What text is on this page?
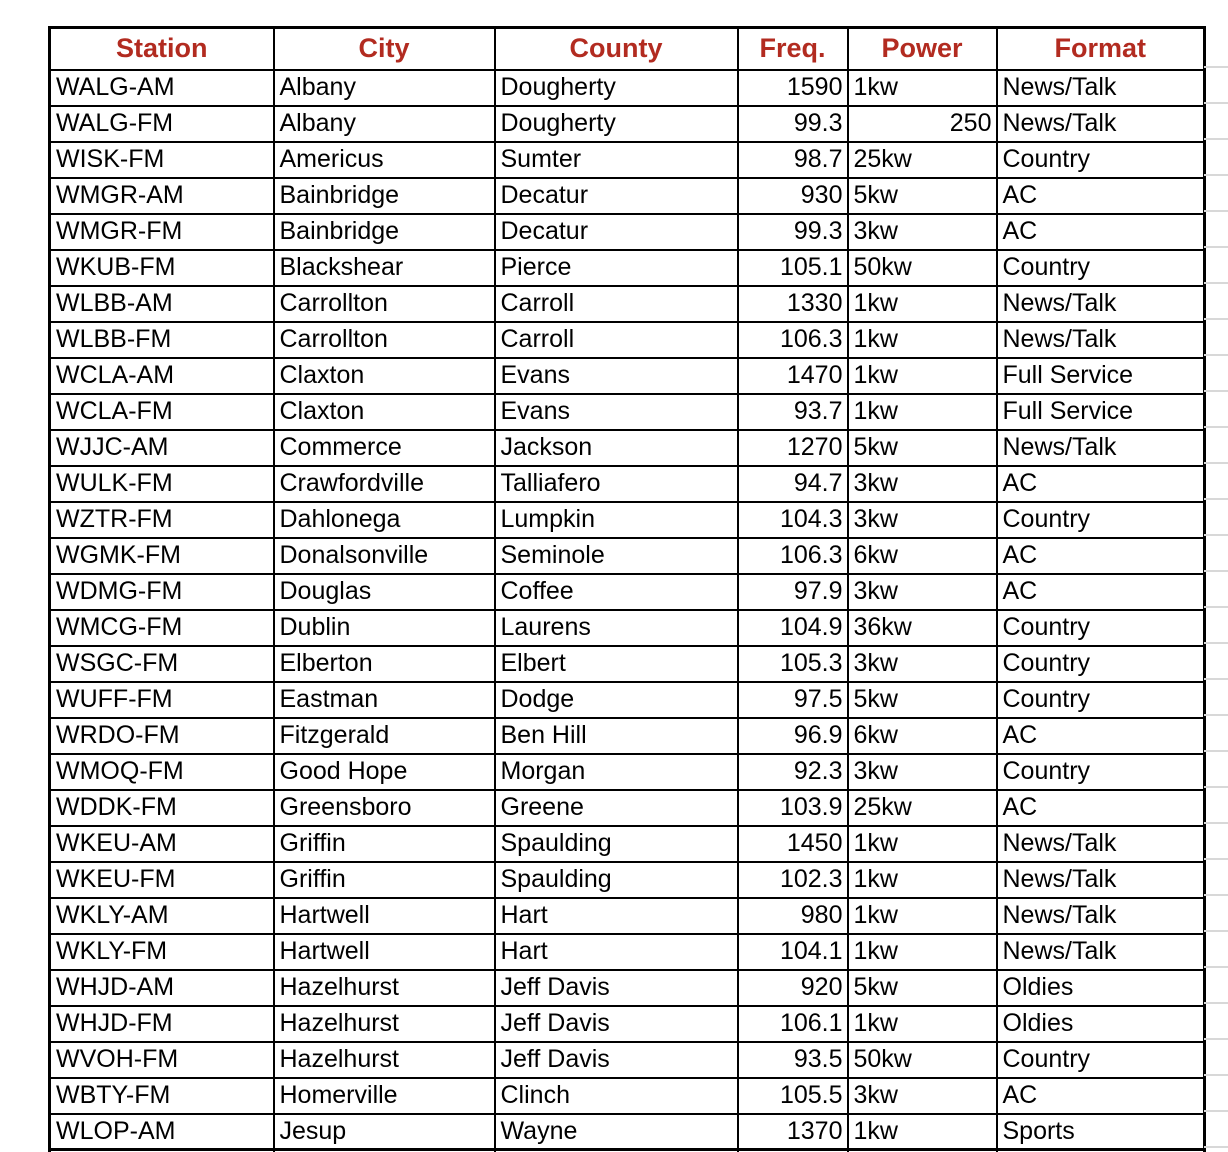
Station	City	County	Freq.	Power	Format
WALG-AM	Albany	Dougherty	1590	1kw	News/Talk
WALG-FM	Albany	Dougherty	99.3	250	News/Talk
WISK-FM	Americus	Sumter	98.7	25kw	Country
WMGR-AM	Bainbridge	Decatur	930	5kw	AC
WMGR-FM	Bainbridge	Decatur	99.3	3kw	AC
WKUB-FM	Blackshear	Pierce	105.1	50kw	Country
WLBB-AM	Carrollton	Carroll	1330	1kw	News/Talk
WLBB-FM	Carrollton	Carroll	106.3	1kw	News/Talk
WCLA-AM	Claxton	Evans	1470	1kw	Full Service
WCLA-FM	Claxton	Evans	93.7	1kw	Full Service
WJJC-AM	Commerce	Jackson	1270	5kw	News/Talk
WULK-FM	Crawfordville	Talliafero	94.7	3kw	AC
WZTR-FM	Dahlonega	Lumpkin	104.3	3kw	Country
WGMK-FM	Donalsonville	Seminole	106.3	6kw	AC
WDMG-FM	Douglas	Coffee	97.9	3kw	AC
WMCG-FM	Dublin	Laurens	104.9	36kw	Country
WSGC-FM	Elberton	Elbert	105.3	3kw	Country
WUFF-FM	Eastman	Dodge	97.5	5kw	Country
WRDO-FM	Fitzgerald	Ben Hill	96.9	6kw	AC
WMOQ-FM	Good Hope	Morgan	92.3	3kw	Country
WDDK-FM	Greensboro	Greene	103.9	25kw	AC
WKEU-AM	Griffin	Spaulding	1450	1kw	News/Talk
WKEU-FM	Griffin	Spaulding	102.3	1kw	News/Talk
WKLY-AM	Hartwell	Hart	980	1kw	News/Talk
WKLY-FM	Hartwell	Hart	104.1	1kw	News/Talk
WHJD-AM	Hazelhurst	Jeff Davis	920	5kw	Oldies
WHJD-FM	Hazelhurst	Jeff Davis	106.1	1kw	Oldies
WVOH-FM	Hazelhurst	Jeff Davis	93.5	50kw	Country
WBTY-FM	Homerville	Clinch	105.5	3kw	AC
WLOP-AM	Jesup	Wayne	1370	1kw	Sports
